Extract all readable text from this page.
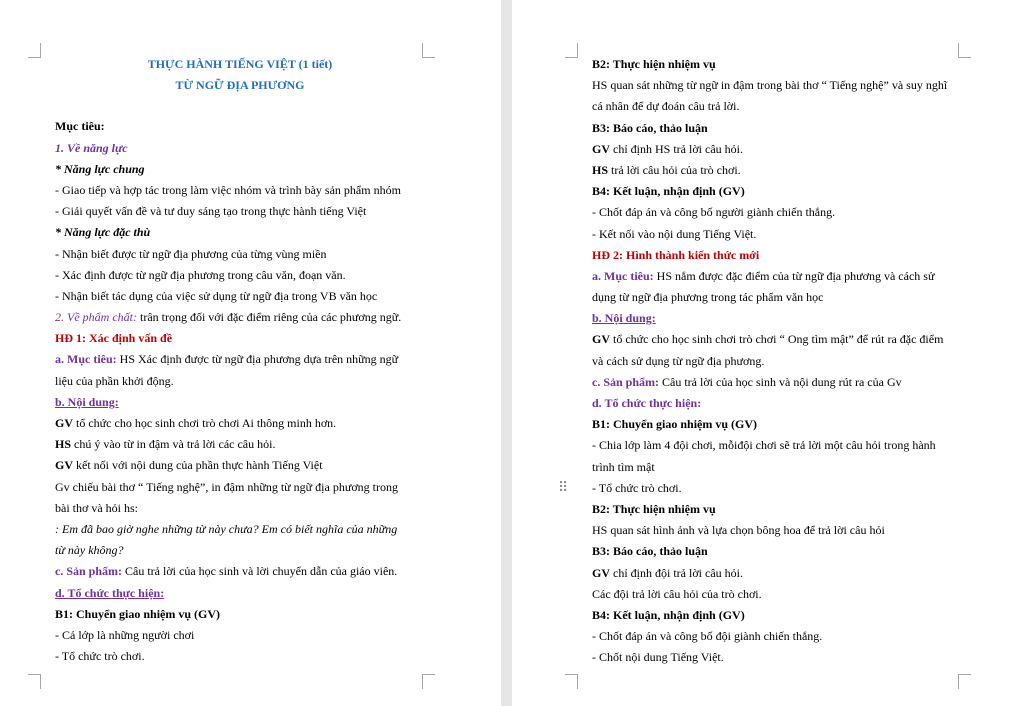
THỰC HÀNH TIẾNG VIỆT (1 tiết)
TỪ NGỮ ĐỊA PHƯƠNG
Mục tiêu:
1. Về năng lực
* Năng lực chung
- Giao tiếp và hợp tác trong làm việc nhóm và trình bày sản phẩm nhóm
- Giải quyết vấn đề và tư duy sáng tạo trong thực hành tiếng Việt
* Năng lực đặc thù
- Nhận biết được từ ngữ địa phương của từng vùng miền
- Xác định được từ ngữ địa phương trong câu văn, đoạn văn.
- Nhận biết tác dụng của việc sử dụng từ ngữ địa trong VB văn học
2. Về phẩm chất: trân trọng đối với đặc điểm riêng của các phương ngữ.
HĐ 1: Xác định vấn đề
a. Mục tiêu: HS Xác định được từ ngữ địa phương dựa trên những ngữ
liệu của phần khởi động.
b. Nội dung:
GV tổ chức cho học sinh chơi trò chơi Ai thông minh hơn.
HS chú ý vào từ in đậm và trả lời các câu hỏi.
GV kết nối với nội dung của phần thực hành Tiếng Việt
Gv chiếu bài thơ “ Tiếng nghệ”, in đậm những từ ngữ địa phương trong
bài thơ và hỏi hs:
: Em đã bao giờ nghe những từ này chưa? Em có biết nghĩa của những
từ này không?
c. Sản phẩm: Câu trả lời của học sinh và lời chuyển dẫn của giáo viên.
d. Tổ chức thực hiện:
B1: Chuyển giao nhiệm vụ (GV)
- Cả lớp là những người chơi
- Tổ chức trò chơi.
B2: Thực hiện nhiệm vụ
HS quan sát những từ ngữ in đậm trong bài thơ “ Tiếng nghệ” và suy nghĩ
cá nhân để dự đoán câu trả lời.
B3: Báo cáo, thảo luận
GV chỉ định HS trả lời câu hỏi.
HS trả lời câu hỏi của trò chơi.
B4: Kết luận, nhận định (GV)
- Chốt đáp án và công bố người giành chiến thắng.
- Kết nối vào nội dung Tiếng Việt.
HĐ 2: Hình thành kiến thức mới
a. Mục tiêu: HS nắm được đặc điểm của từ ngữ địa phương và cách sử
dụng từ ngữ địa phương trong tác phẩm văn học
b. Nội dung:
GV tổ chức cho học sinh chơi trò chơi “ Ong tìm mật” để rút ra đặc điểm
và cách sử dụng từ ngữ địa phương.
c. Sản phẩm: Câu trả lời của học sinh và nội dung rút ra của Gv
d. Tổ chức thực hiện:
B1: Chuyển giao nhiệm vụ (GV)
- Chia lớp làm 4 đội chơi, mỗiđội chơi sẽ trả lời một câu hỏi trong hành
trình tìm mật
- Tổ chức trò chơi.
B2: Thực hiện nhiệm vụ
HS quan sát hình ảnh và lựa chọn bông hoa để trả lời câu hỏi
B3: Báo cáo, thảo luận
GV chỉ định đội trả lời câu hỏi.
Các đội trả lời câu hỏi của trò chơi.
B4: Kết luận, nhận định (GV)
- Chốt đáp án và công bố đội giành chiến thắng.
- Chốt nội dung Tiếng Việt.
⠿
